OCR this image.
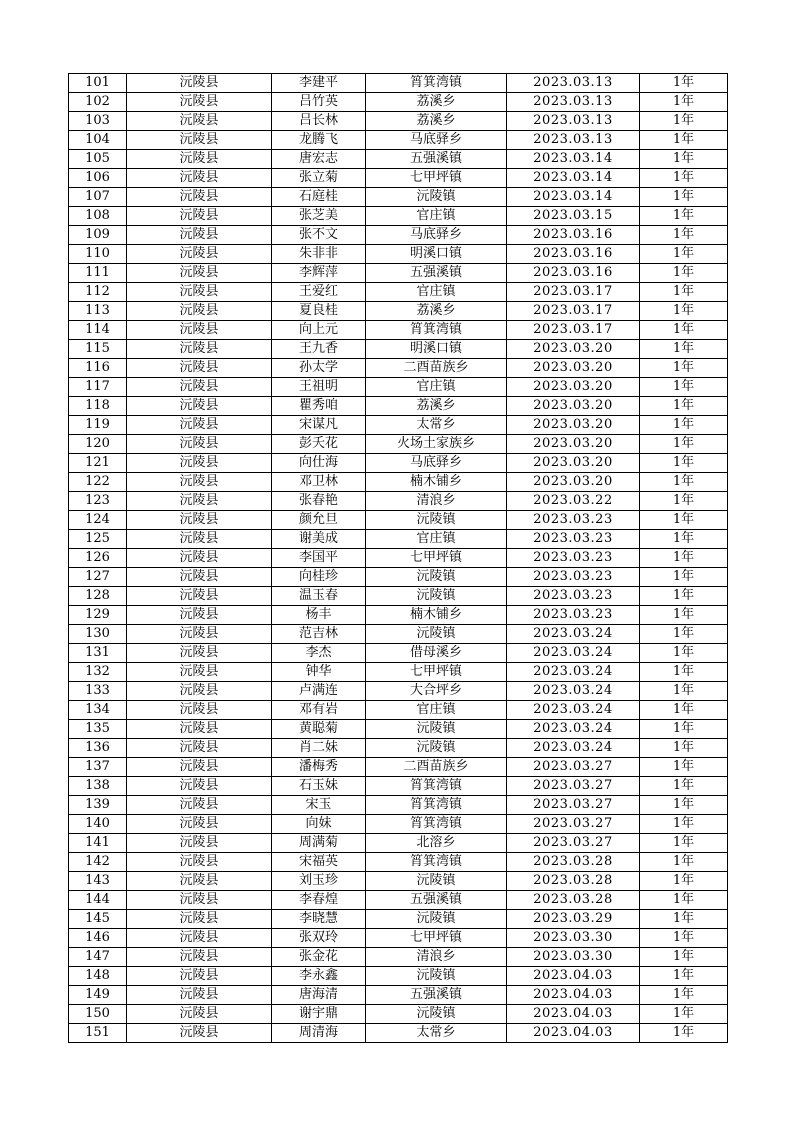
101	沅陵县	李建平	筲箕湾镇	2023.03.13	1年
102	沅陵县	吕竹英	荔溪乡	2023.03.13	1年
103	沅陵县	吕长林	荔溪乡	2023.03.13	1年
104	沅陵县	龙腾飞	马底驿乡	2023.03.13	1年
105	沅陵县	唐宏志	五强溪镇	2023.03.14	1年
106	沅陵县	张立菊	七甲坪镇	2023.03.14	1年
107	沅陵县	石庭桂	沅陵镇	2023.03.14	1年
108	沅陵县	张芝美	官庄镇	2023.03.15	1年
109	沅陵县	张不文	马底驿乡	2023.03.16	1年
110	沅陵县	朱非非	明溪口镇	2023.03.16	1年
111	沅陵县	李辉萍	五强溪镇	2023.03.16	1年
112	沅陵县	王爱红	官庄镇	2023.03.17	1年
113	沅陵县	夏良桂	荔溪乡	2023.03.17	1年
114	沅陵县	向上元	筲箕湾镇	2023.03.17	1年
115	沅陵县	王九香	明溪口镇	2023.03.20	1年
116	沅陵县	孙太学	二酉苗族乡	2023.03.20	1年
117	沅陵县	王祖明	官庄镇	2023.03.20	1年
118	沅陵县	瞿秀咱	荔溪乡	2023.03.20	1年
119	沅陵县	宋谋凡	太常乡	2023.03.20	1年
120	沅陵县	彭夭花	火场土家族乡	2023.03.20	1年
121	沅陵县	向仕海	马底驿乡	2023.03.20	1年
122	沅陵县	邓卫林	楠木铺乡	2023.03.20	1年
123	沅陵县	张春艳	清浪乡	2023.03.22	1年
124	沅陵县	颜允旦	沅陵镇	2023.03.23	1年
125	沅陵县	谢美成	官庄镇	2023.03.23	1年
126	沅陵县	李国平	七甲坪镇	2023.03.23	1年
127	沅陵县	向桂珍	沅陵镇	2023.03.23	1年
128	沅陵县	温玉春	沅陵镇	2023.03.23	1年
129	沅陵县	杨丰	楠木铺乡	2023.03.23	1年
130	沅陵县	范吉林	沅陵镇	2023.03.24	1年
131	沅陵县	李杰	借母溪乡	2023.03.24	1年
132	沅陵县	钟华	七甲坪镇	2023.03.24	1年
133	沅陵县	卢满连	大合坪乡	2023.03.24	1年
134	沅陵县	邓有岩	官庄镇	2023.03.24	1年
135	沅陵县	黄聪菊	沅陵镇	2023.03.24	1年
136	沅陵县	肖二妹	沅陵镇	2023.03.24	1年
137	沅陵县	潘梅秀	二酉苗族乡	2023.03.27	1年
138	沅陵县	石玉妹	筲箕湾镇	2023.03.27	1年
139	沅陵县	宋玉	筲箕湾镇	2023.03.27	1年
140	沅陵县	向妹	筲箕湾镇	2023.03.27	1年
141	沅陵县	周满菊	北溶乡	2023.03.27	1年
142	沅陵县	宋福英	筲箕湾镇	2023.03.28	1年
143	沅陵县	刘玉珍	沅陵镇	2023.03.28	1年
144	沅陵县	李春煌	五强溪镇	2023.03.28	1年
145	沅陵县	李晓慧	沅陵镇	2023.03.29	1年
146	沅陵县	张双玲	七甲坪镇	2023.03.30	1年
147	沅陵县	张金花	清浪乡	2023.03.30	1年
148	沅陵县	李永鑫	沅陵镇	2023.04.03	1年
149	沅陵县	唐海清	五强溪镇	2023.04.03	1年
150	沅陵县	谢宇鼎	沅陵镇	2023.04.03	1年
151	沅陵县	周清海	太常乡	2023.04.03	1年
